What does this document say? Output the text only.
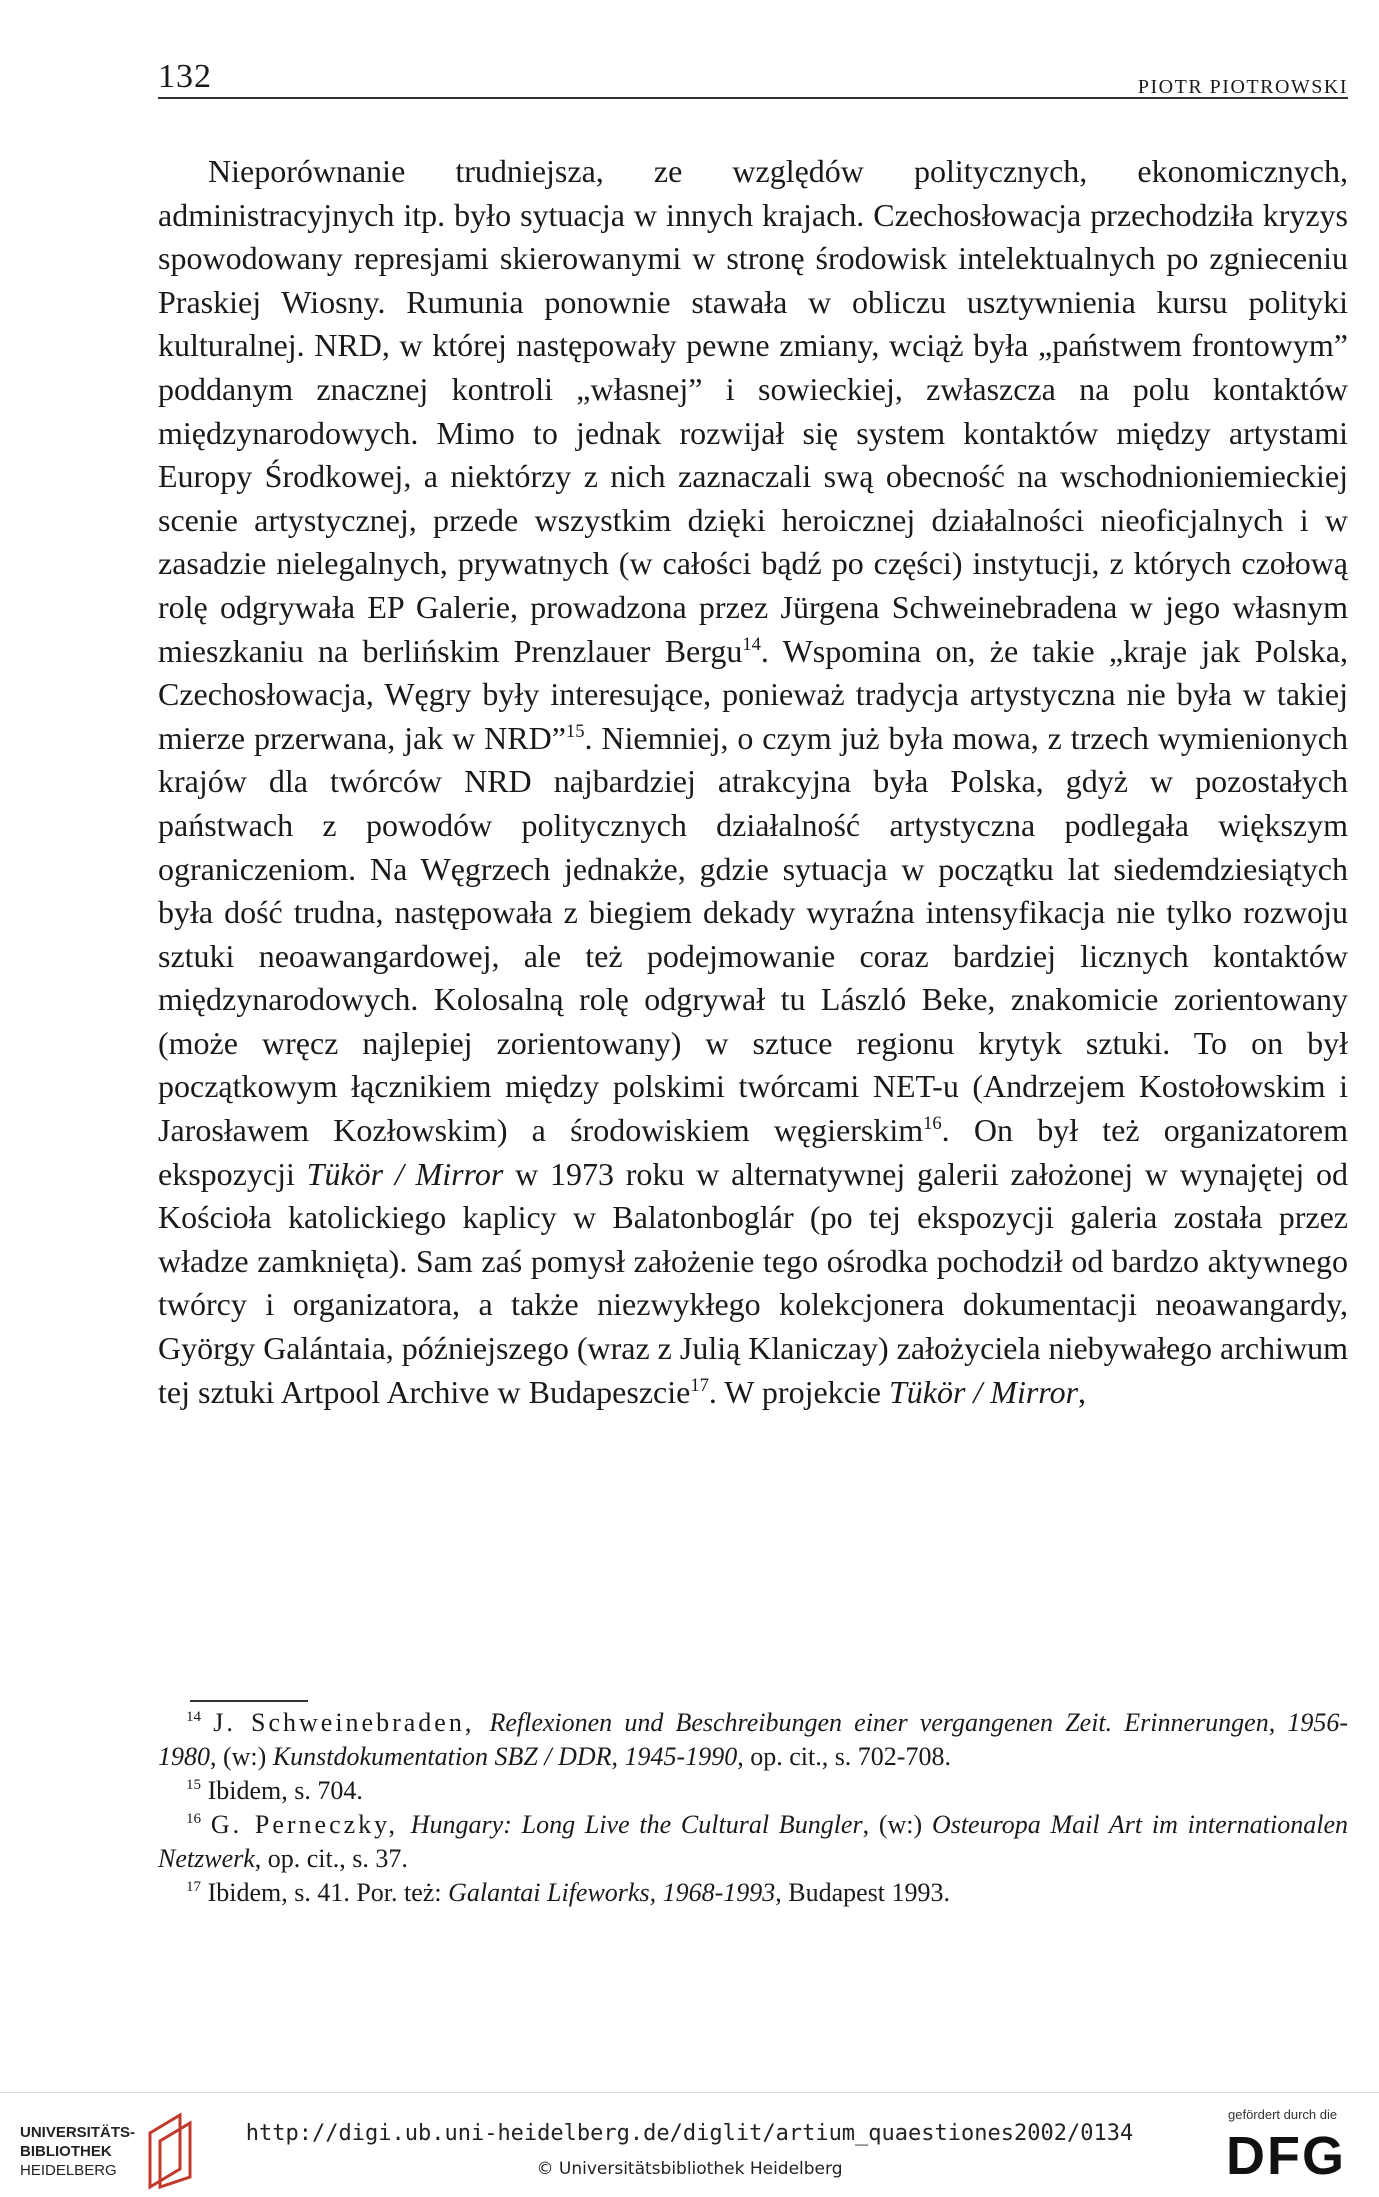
132	PIOTR PIOTROWSKI

Nieporównanie trudniejsza, ze względów politycznych, ekonomicznych, administracyjnych itp. było sytuacja w innych krajach. Czechosłowacja przechodziła kryzys spowodowany represjami skierowanymi w stronę środowisk intelektualnych po zgnieceniu Praskiej Wiosny. Rumunia ponownie stawała w obliczu usztywnienia kursu polityki kulturalnej. NRD, w której następowały pewne zmiany, wciąż była „państwem frontowym” poddanym znacznej kontroli „własnej” i sowieckiej, zwłaszcza na polu kontaktów międzynarodowych. Mimo to jednak rozwijał się system kontaktów między artystami Europy Środkowej, a niektórzy z nich zaznaczali swą obecność na wschodnioniemieckiej scenie artystycznej, przede wszystkim dzięki heroicznej działalności nieoficjalnych i w zasadzie nielegalnych, prywatnych (w całości bądź po części) instytucji, z których czołową rolę odgrywała EP Galerie, prowadzona przez Jürgena Schweinebradena w jego własnym mieszkaniu na berlińskim Prenzlauer Bergu$^{14}$. Wspomina on, że takie „kraje jak Polska, Czechosłowacja, Węgry były interesujące, ponieważ tradycja artystyczna nie była w takiej mierze przerwana, jak w NRD”$^{15}$. Niemniej, o czym już była mowa, z trzech wymienionych krajów dla twórców NRD najbardziej atrakcyjna była Polska, gdyż w pozostałych państwach z powodów politycznych działalność artystyczna podlegała większym ograniczeniom. Na Węgrzech jednakże, gdzie sytuacja w początku lat siedemdziesiątych była dość trudna, następowała z biegiem dekady wyraźna intensyfikacja nie tylko rozwoju sztuki neoawangardowej, ale też podejmowanie coraz bardziej licznych kontaktów międzynarodowych. Kolosalną rolę odgrywał tu László Beke, znakomicie zorientowany (może wręcz najlepiej zorientowany) w sztuce regionu krytyk sztuki. To on był początkowym łącznikiem między polskimi twórcami NET-u (Andrzejem Kostołowskim i Jarosławem Kozłowskim) a środowiskiem węgierskim$^{16}$. On był też organizatorem ekspozycji Tükör / Mirror w 1973 roku w alternatywnej galerii założonej w wynajętej od Kościoła katolickiego kaplicy w Balatonboglár (po tej ekspozycji galeria została przez władze zamknięta). Sam zaś pomysł założenie tego ośrodka pochodził od bardzo aktywnego twórcy i organizatora, a także niezwykłego kolekcjonera dokumentacji neoawangardy, György Galántaia, późniejszego (wraz z Julią Klaniczay) założyciela niebywałego archiwum tej sztuki Artpool Archive w Budapeszcie$^{17}$. W projekcie Tükör / Mirror,

$^{14}$ J. Schweinebraden, Reflexionen und Beschreibungen einer vergangenen Zeit. Erinnerungen, 1956-1980, (w:) Kunstdokumentation SBZ / DDR, 1945-1990, op. cit., s. 702-708.

$^{15}$ Ibidem, s. 704.

$^{16}$ G. Perneczky, Hungary: Long Live the Cultural Bungler, (w:) Osteuropa Mail Art im internationalen Netzwerk, op. cit., s. 37.

$^{17}$ Ibidem, s. 41. Por. też: Galantai Lifeworks, 1968-1993, Budapest 1993.

UNIVERSITÄTS-
BIBLIOTHEK
HEIDELBERG
http://digi.ub.uni-heidelberg.de/diglit/artium_quaestiones2002/0134
© Universitätsbibliothek Heidelberg
gefördert durch die
DFG
